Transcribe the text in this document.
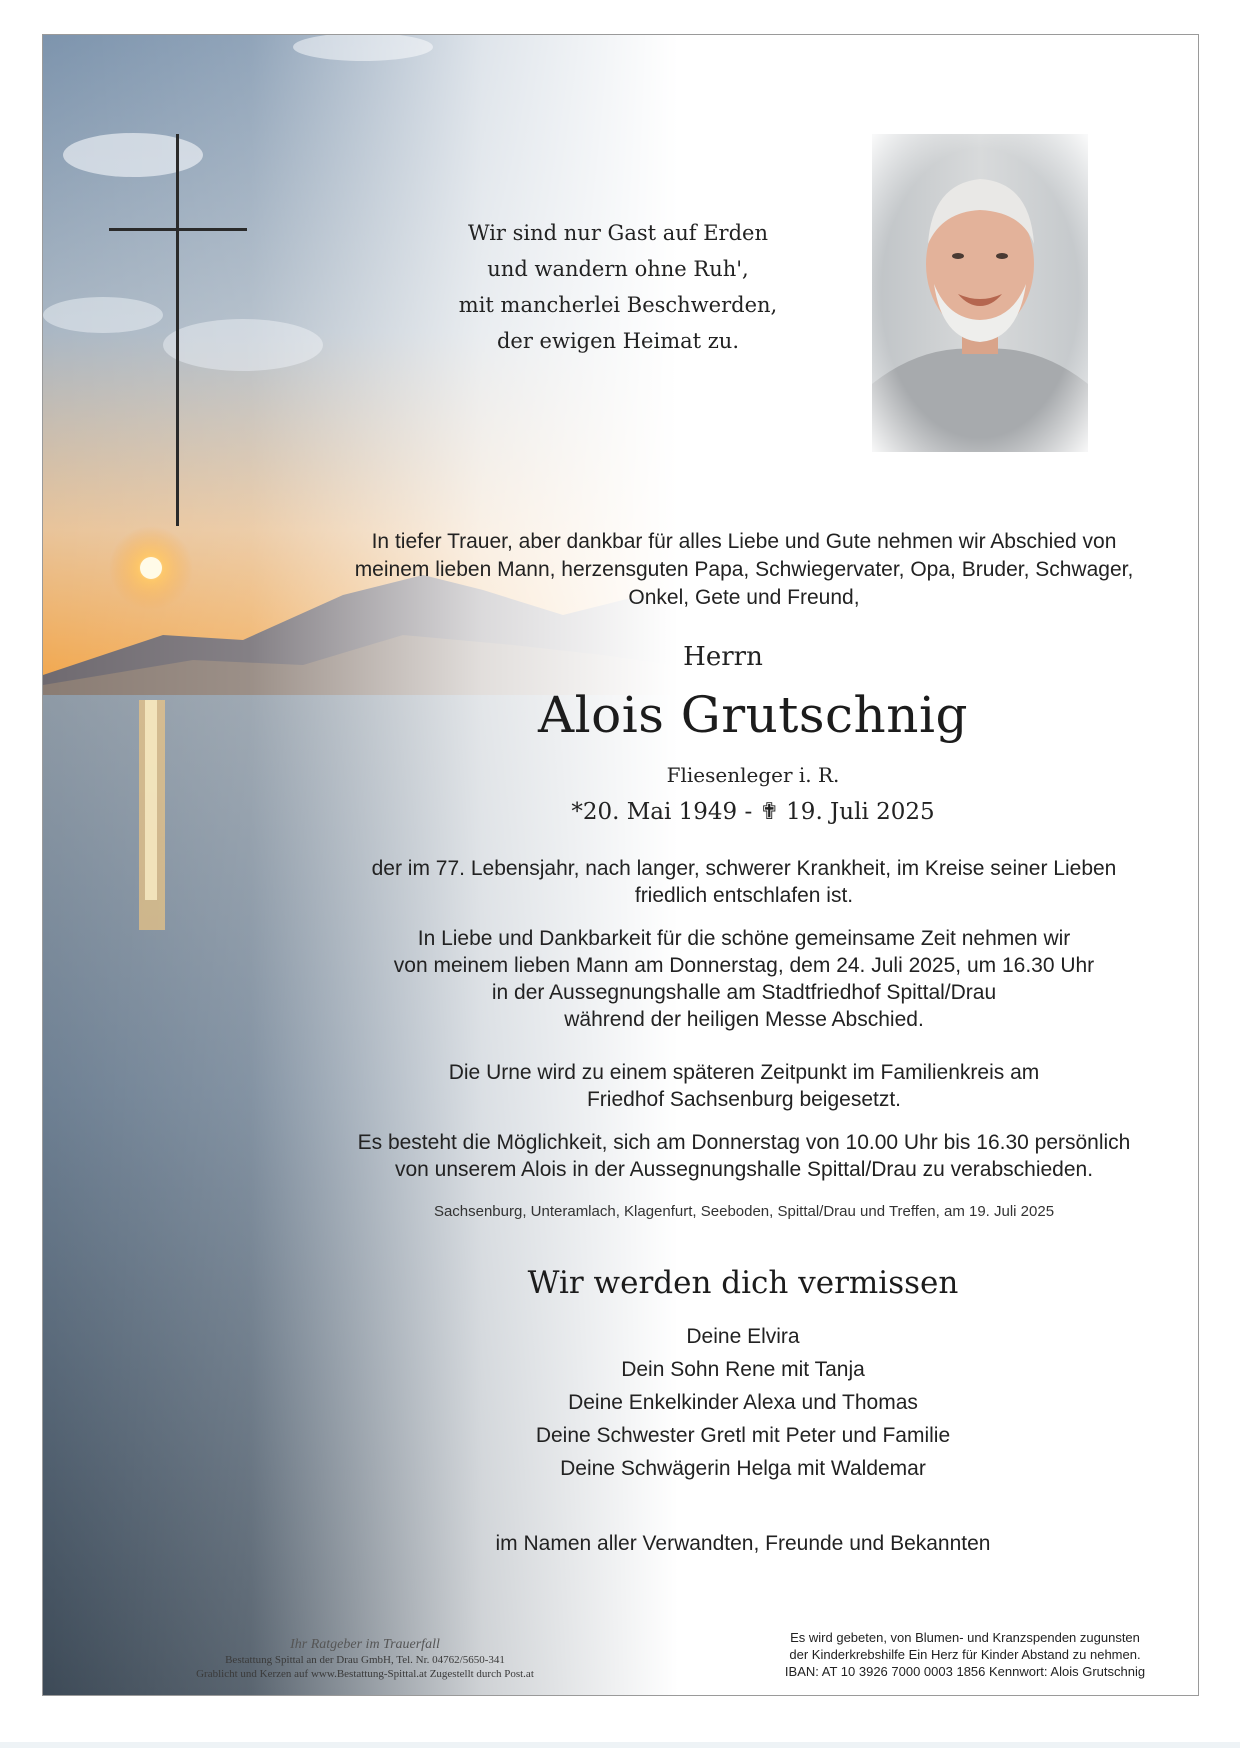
Wir sind nur Gast auf Erden
und wandern ohne Ruh',
mit mancherlei Beschwerden,
der ewigen Heimat zu.
In tiefer Trauer, aber dankbar für alles Liebe und Gute nehmen wir Abschied von
meinem lieben Mann, herzensguten Papa, Schwiegervater, Opa, Bruder, Schwager,
Onkel, Gete und Freund,
Herrn
Alois Grutschnig
Fliesenleger i. R.
*20. Mai 1949 - ✟ 19. Juli 2025
der im 77. Lebensjahr, nach langer, schwerer Krankheit, im Kreise seiner Lieben
friedlich entschlafen ist.
In Liebe und Dankbarkeit für die schöne gemeinsame Zeit nehmen wir
von meinem lieben Mann am Donnerstag, dem 24. Juli 2025, um 16.30 Uhr
in der Aussegnungshalle am Stadtfriedhof Spittal/Drau
während der heiligen Messe Abschied.
Die Urne wird zu einem späteren Zeitpunkt im Familienkreis am
Friedhof Sachsenburg beigesetzt.
Es besteht die Möglichkeit, sich am Donnerstag von 10.00 Uhr bis 16.30 persönlich
von unserem Alois in der Aussegnungshalle Spittal/Drau zu verabschieden.
Sachsenburg, Unteramlach, Klagenfurt, Seeboden, Spittal/Drau und Treffen, am 19. Juli 2025
Wir werden dich vermissen
Deine Elvira
Dein Sohn Rene mit Tanja
Deine Enkelkinder Alexa und Thomas
Deine Schwester Gretl mit Peter und Familie
Deine Schwägerin Helga mit Waldemar
im Namen aller Verwandten, Freunde und Bekannten
Ihr Ratgeber im Trauerfall
Bestattung Spittal an der Drau GmbH, Tel. Nr. 04762/5650-341
Grablicht und Kerzen auf www.Bestattung-Spittal.at Zugestellt durch Post.at
Es wird gebeten, von Blumen- und Kranzspenden zugunsten
der Kinderkrebshilfe Ein Herz für Kinder Abstand zu nehmen.
IBAN: AT 10 3926 7000 0003 1856 Kennwort: Alois Grutschnig
